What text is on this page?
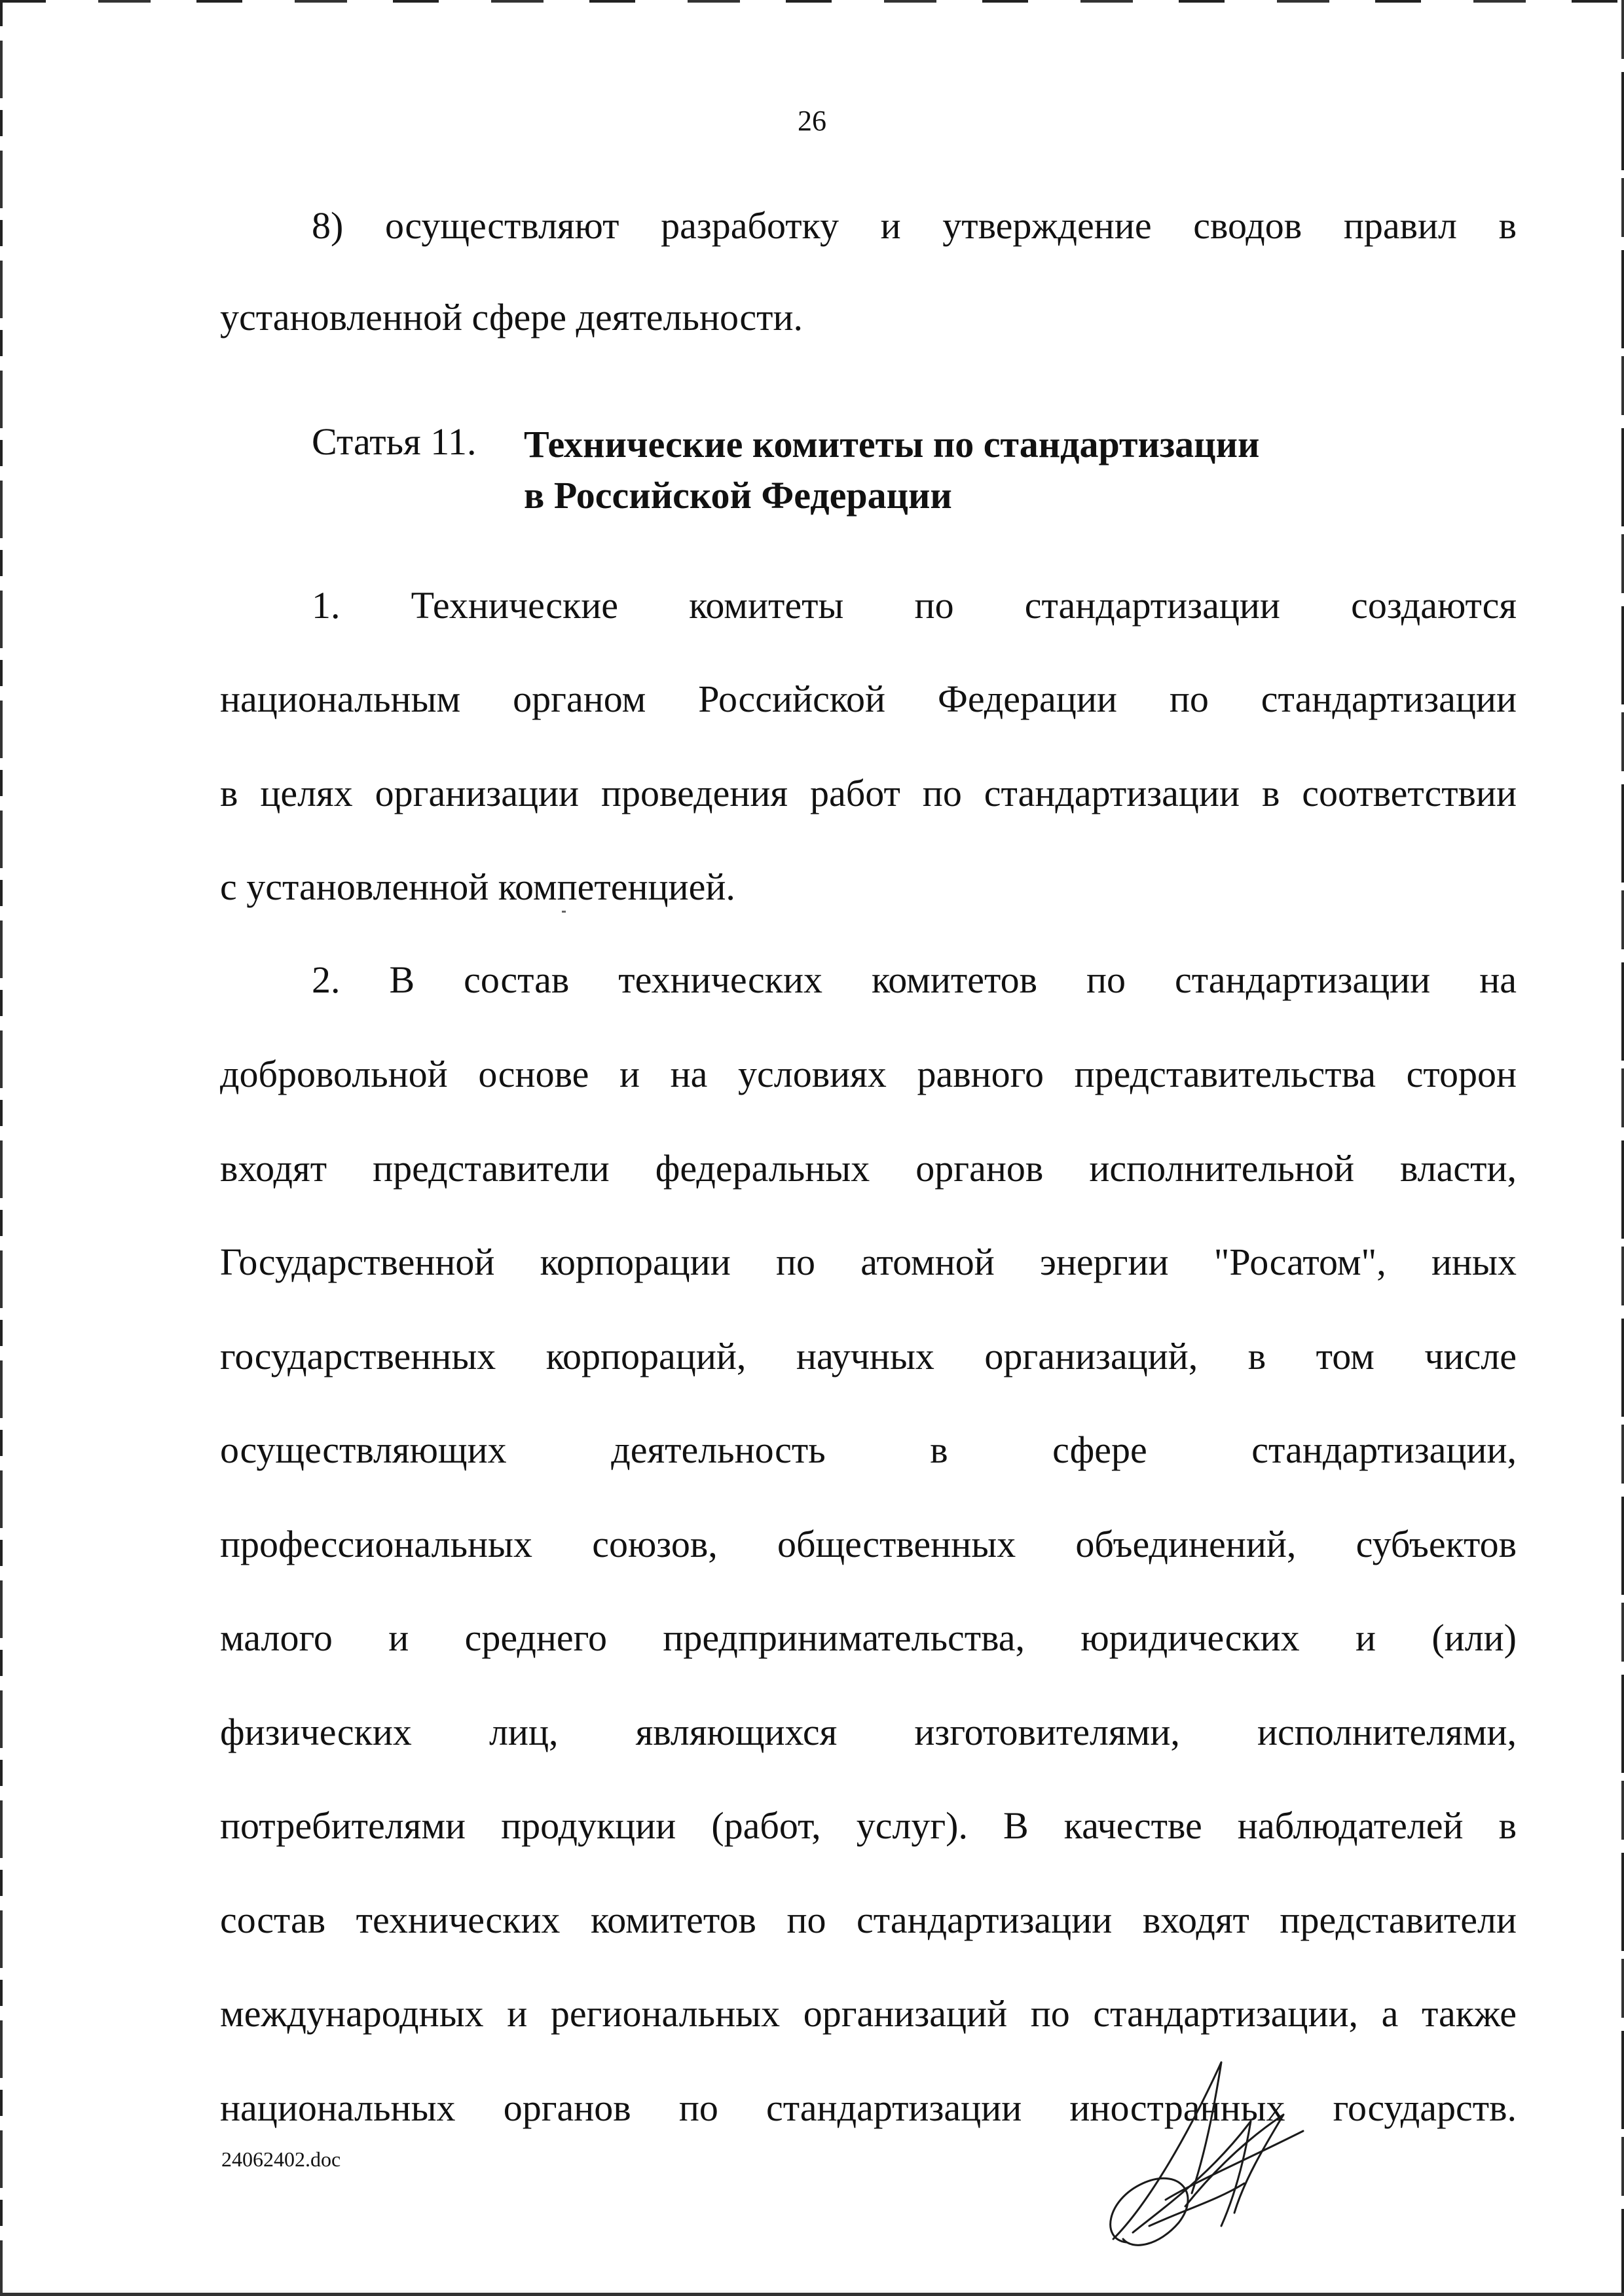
26
8) осуществляют разработку и утверждение сводов правил в
установленной сфере деятельности.
Статья 11. Технические комитеты по стандартизации
в Российской Федерации
1. Технические комитеты по стандартизации создаются
национальным органом Российской Федерации по стандартизации
в целях организации проведения работ по стандартизации в соответствии
с установленной компетенцией.
2. В состав технических комитетов по стандартизации на
добровольной основе и на условиях равного представительства сторон
входят представители федеральных органов исполнительной власти,
Государственной корпорации по атомной энергии "Росатом", иных
государственных корпораций, научных организаций, в том числе
осуществляющих деятельность в сфере стандартизации,
профессиональных союзов, общественных объединений, субъектов
малого и среднего предпринимательства, юридических и (или)
физических лиц, являющихся изготовителями, исполнителями,
потребителями продукции (работ, услуг). В качестве наблюдателей в
состав технических комитетов по стандартизации входят представители
международных и региональных организаций по стандартизации, а также
национальных органов по стандартизации иностранных государств.
24062402.doc
